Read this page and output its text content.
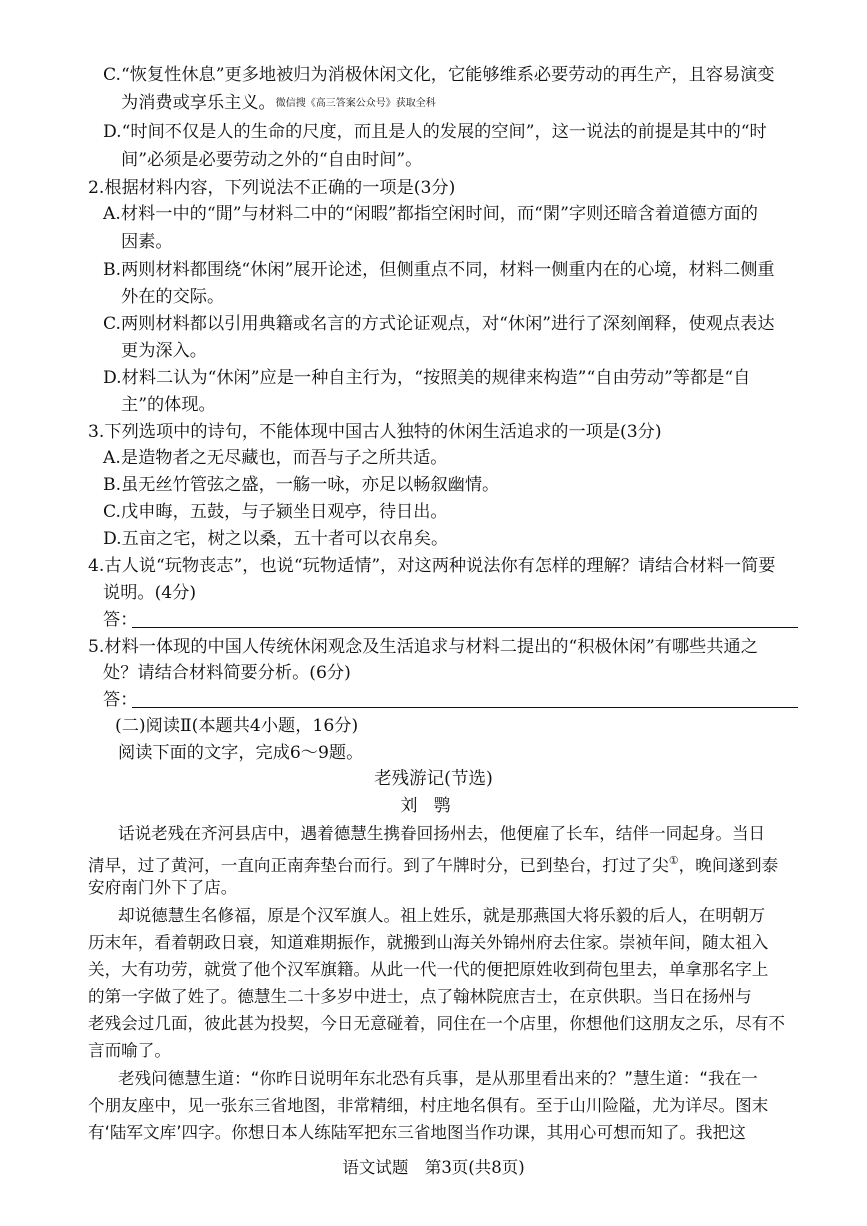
C.“恢复性休息”更多地被归为消极休闲文化，它能够维系必要劳动的再生产，且容易演变
为消费或享乐主义。微信搜《高三答案公众号》获取全科
D.“时间不仅是人的生命的尺度，而且是人的发展的空间”，这一说法的前提是其中的“时
间”必须是必要劳动之外的“自由时间”。
2.根据材料内容，下列说法不正确的一项是(3分)
A.材料一中的“閒”与材料二中的“闲暇”都指空闲时间，而“閑”字则还暗含着道德方面的
因素。
B.两则材料都围绕“休闲”展开论述，但侧重点不同，材料一侧重内在的心境，材料二侧重
外在的交际。
C.两则材料都以引用典籍或名言的方式论证观点，对“休闲”进行了深刻阐释，使观点表达
更为深入。
D.材料二认为“休闲”应是一种自主行为，“按照美的规律来构造”“自由劳动”等都是“自
主”的体现。
3.下列选项中的诗句，不能体现中国古人独特的休闲生活追求的一项是(3分)
A.是造物者之无尽藏也，而吾与子之所共适。
B.虽无丝竹管弦之盛，一觞一咏，亦足以畅叙幽情。
C.戊申晦，五鼓，与子颍坐日观亭，待日出。
D.五亩之宅，树之以桑，五十者可以衣帛矣。
4.古人说“玩物丧志”，也说“玩物适情”，对这两种说法你有怎样的理解？请结合材料一简要
说明。(4分)
答：
5.材料一体现的中国人传统休闲观念及生活追求与材料二提出的“积极休闲”有哪些共通之
处？请结合材料简要分析。(6分)
答：
(二)阅读Ⅱ(本题共4小题，16分)
阅读下面的文字，完成6～9题。
老残游记(节选)
刘鹗
话说老残在齐河县店中，遇着德慧生携眷回扬州去，他便雇了长车，结伴一同起身。当日
清早，过了黄河，一直向正南奔垫台而行。到了午牌时分，已到垫台，打过了尖①，晚间遂到泰
安府南门外下了店。
却说德慧生名修福，原是个汉军旗人。祖上姓乐，就是那燕国大将乐毅的后人，在明朝万
历末年，看着朝政日衰，知道难期振作，就搬到山海关外锦州府去住家。崇祯年间，随太祖入
关，大有功劳，就赏了他个汉军旗籍。从此一代一代的便把原姓收到荷包里去，单拿那名字上
的第一字做了姓了。德慧生二十多岁中进士，点了翰林院庶吉士，在京供职。当日在扬州与
老残会过几面，彼此甚为投契，今日无意碰着，同住在一个店里，你想他们这朋友之乐，尽有不
言而喻了。
老残问德慧生道：“你昨日说明年东北恐有兵事，是从那里看出来的？”慧生道：“我在一
个朋友座中，见一张东三省地图，非常精细，村庄地名俱有。至于山川险隘，尤为详尽。图末
有‘陆军文库’四字。你想日本人练陆军把东三省地图当作功课，其用心可想而知了。我把这
语文试题　第3页(共8页)
